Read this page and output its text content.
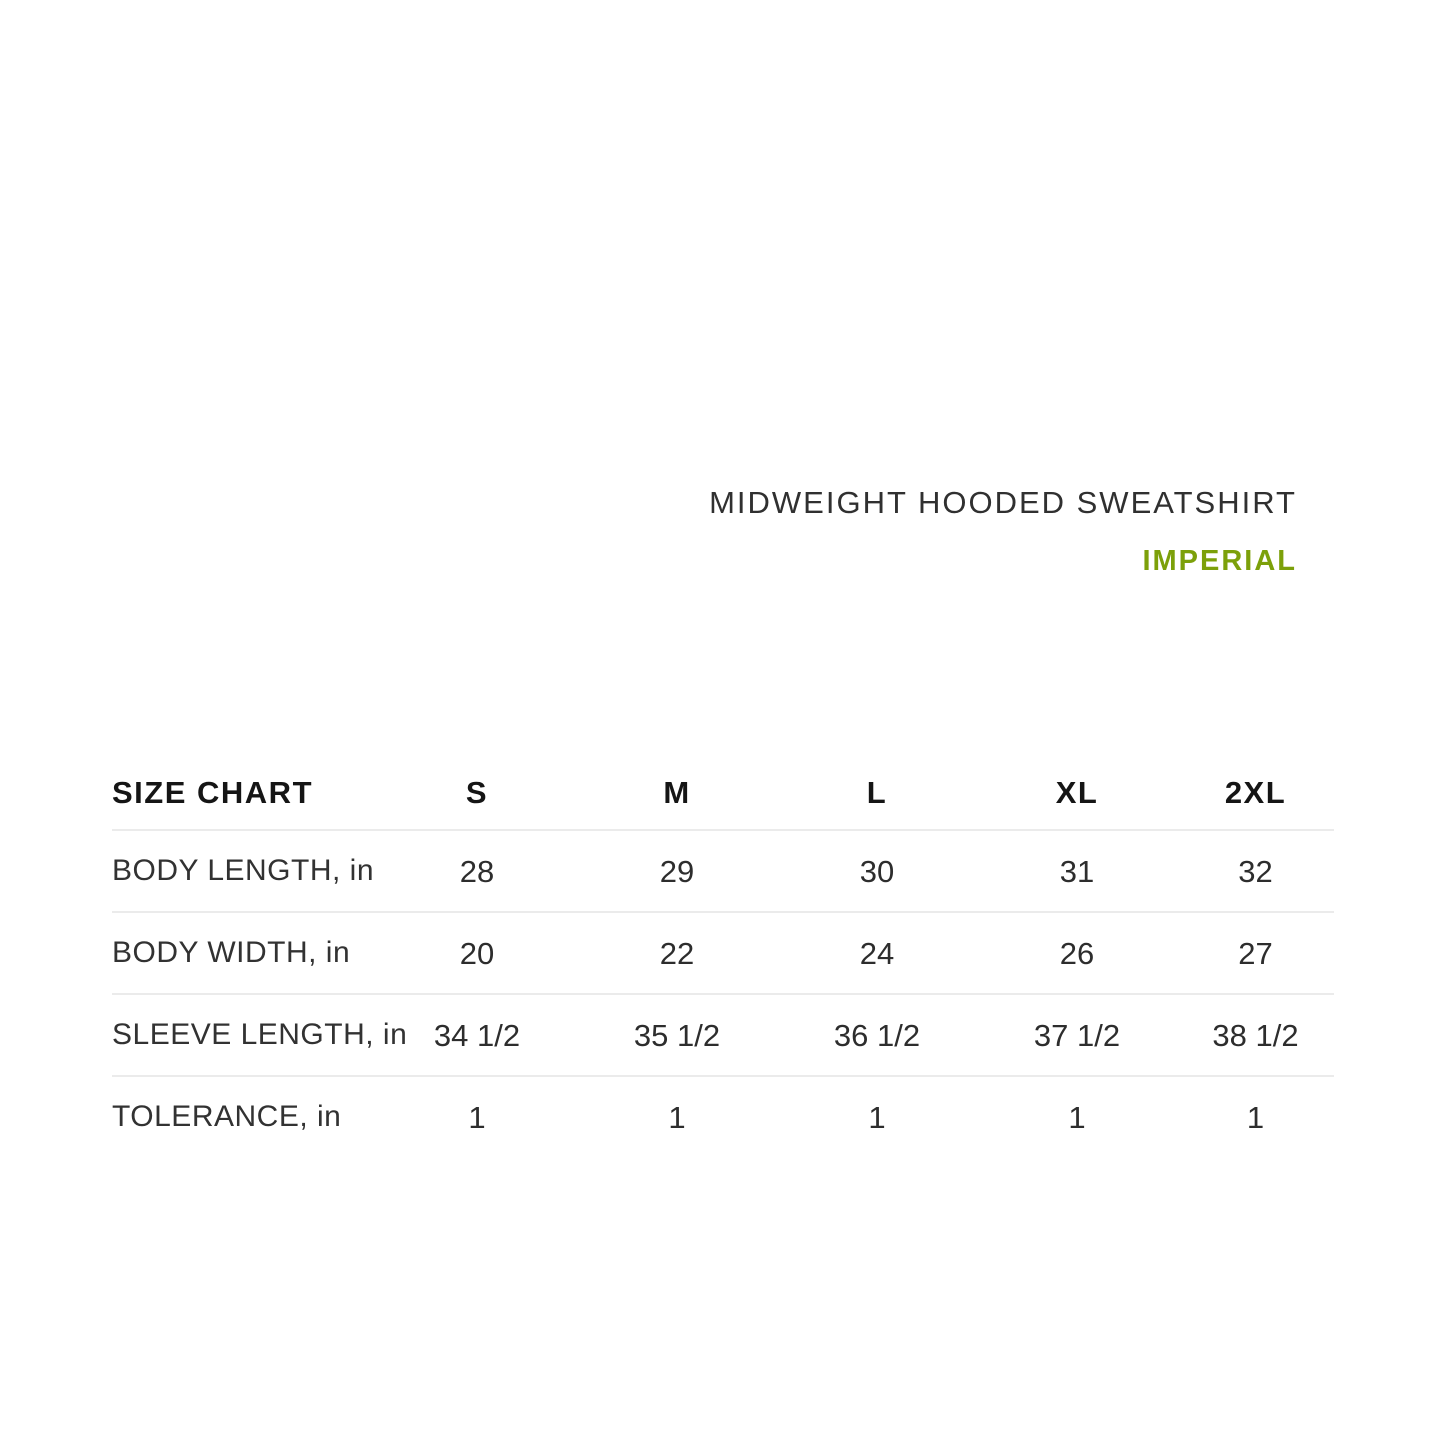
MIDWEIGHT HOODED SWEATSHIRT
IMPERIAL
SIZE CHART	S	M	L	XL	2XL
BODY LENGTH, in	28	29	30	31	32
BODY WIDTH, in	20	22	24	26	27
SLEEVE LENGTH, in 34 1/2	35 1/2	36 1/2	37 1/2	38 1/2
TOLERANCE, in	1	1	1	1	1
